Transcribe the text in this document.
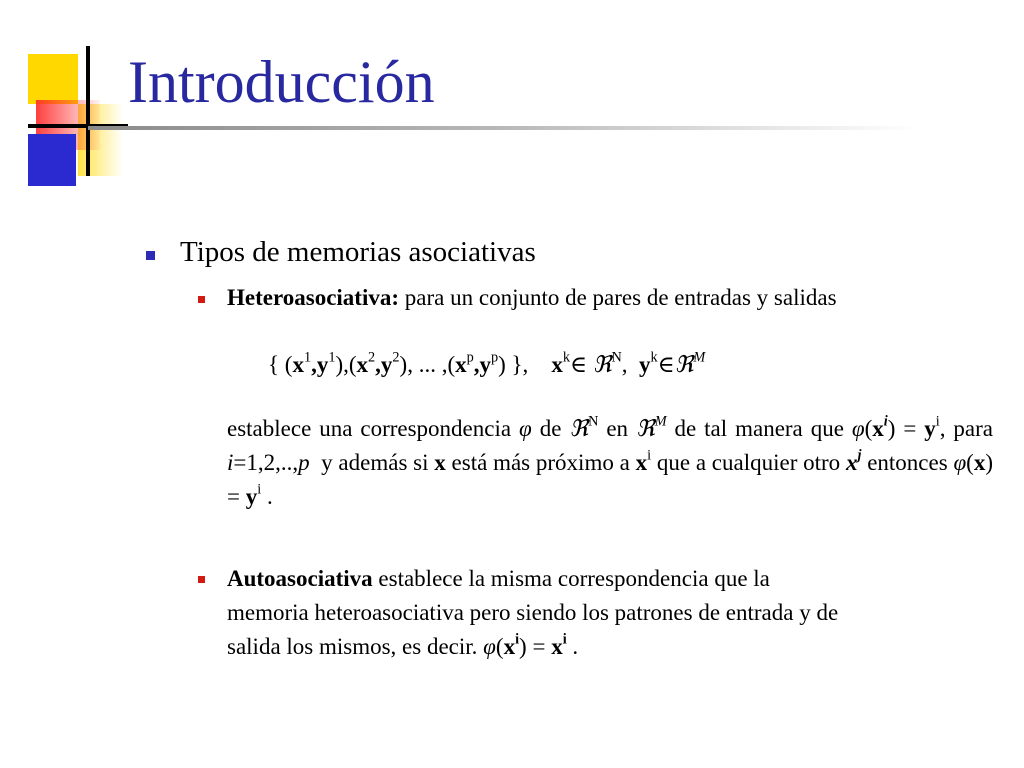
Introducción
Tipos de memorias asociativas
Heteroasociativa: para un conjunto de pares de entradas y salidas
{ $(x^1,y^1),(x^2,y^2)$, ... $,(x^p,y^p)$ },    $x^k\in$ ℜ$^N$,  $y^k\in ℜ^M$
establece una correspondencia φ de ℜ$^N$ en ℜ$^M$ de tal manera que $\varphi(x^i) = y^i$, para i=1,2,..,p  y además si x está más próximo a $x^i$ que a cualquier otro $x^j$ entonces $\varphi(x) = y^i$ .
Autoasociativa establece la misma correspondencia que la
memoria heteroasociativa pero siendo los patrones de entrada y de
salida los mismos, es decir. $\varphi(x^i) = x^i$ .
